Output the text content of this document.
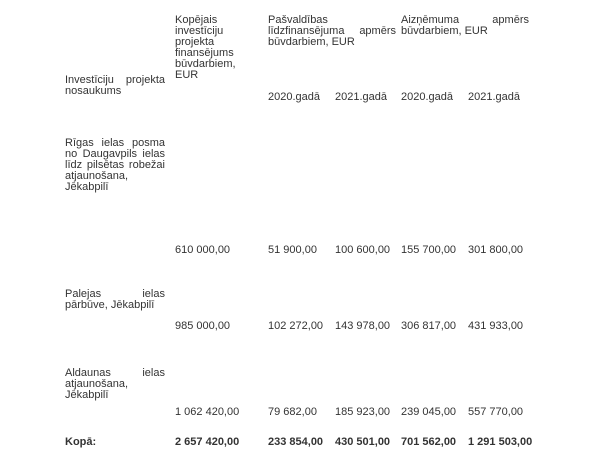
Investīciju projekta nosaukums	Kopējais investīciju projekta finansējums būvdarbiem, EUR	Pašvaldības līdzfinansējuma apmērs būvdarbiem, EUR		Aizņēmuma apmērs būvdarbiem, EUR	

		2020.gadā	2021.gadā	2020.gadā	2021.gadā

Rīgas ielas posma no Daugavpils ielas līdz pilsētas robežai atjaunošana, Jēkabpilī	610 000,00	51 900,00	100 600,00	155 700,00	301 800,00

Palejas ielas pārbūve, Jēkabpilī	985 000,00	102 272,00	143 978,00	306 817,00	431 933,00

Aldaunas ielas atjaunošana, Jēkabpilī	1 062 420,00	79 682,00	185 923,00	239 045,00	557 770,00
Kopā:	2 657 420,00	233 854,00	430 501,00	701 562,00	1 291 503,00
